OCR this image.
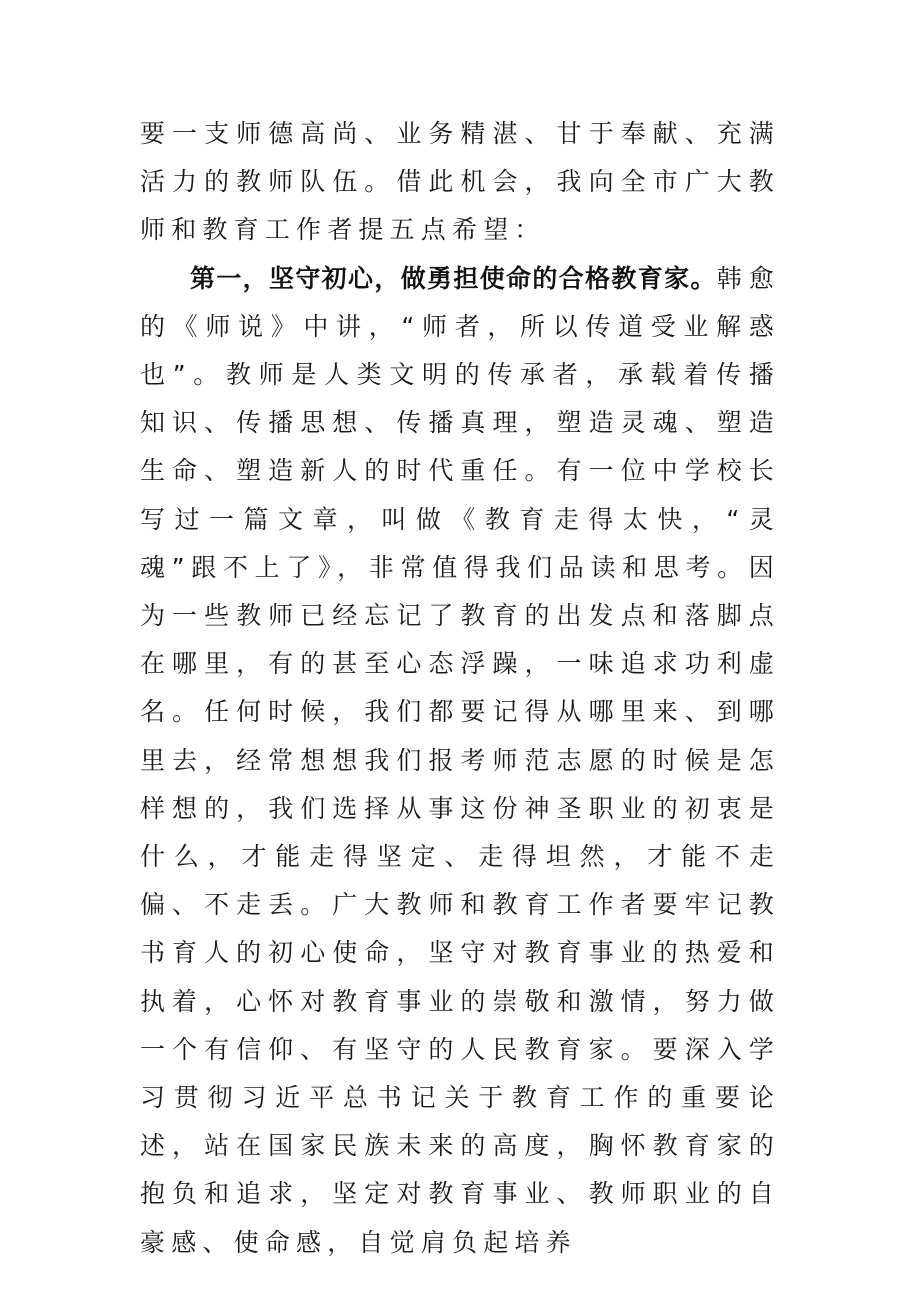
要一支师德高尚、业务精湛、甘于奉献、充满活力的教师队伍。借此机会，我向全市广大教师和教育工作者提五点希望：

第一，坚守初心，做勇担使命的合格教育家。韩愈的《师说》中讲，“师者，所以传道受业解惑也”。教师是人类文明的传承者，承载着传播知识、传播思想、传播真理，塑造灵魂、塑造生命、塑造新人的时代重任。有一位中学校长写过一篇文章，叫做《教育走得太快，“灵魂”跟不上了》，非常值得我们品读和思考。因为一些教师已经忘记了教育的出发点和落脚点在哪里，有的甚至心态浮躁，一味追求功利虚名。任何时候，我们都要记得从哪里来、到哪里去，经常想想我们报考师范志愿的时候是怎样想的，我们选择从事这份神圣职业的初衷是什么，才能走得坚定、走得坦然，才能不走偏、不走丢。广大教师和教育工作者要牢记教书育人的初心使命，坚守对教育事业的热爱和执着，心怀对教育事业的崇敬和激情，努力做一个有信仰、有坚守的人民教育家。要深入学习贯彻习近平总书记关于教育工作的重要论述，站在国家民族未来的高度，胸怀教育家的抱负和追求，坚定对教育事业、教师职业的自豪感、使命感，自觉肩负起培养
